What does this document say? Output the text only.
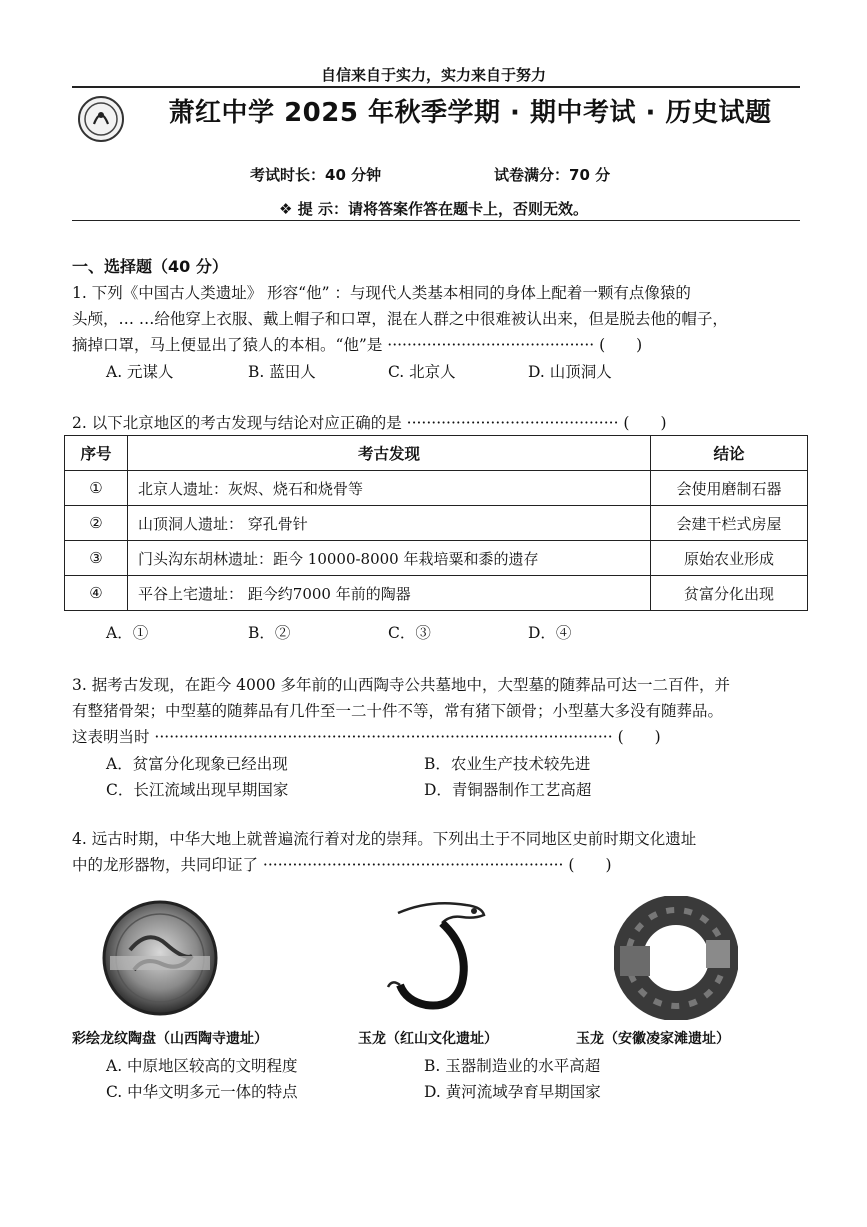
自信来自于实力，实力来自于努力
萧红中学 2025 年秋季学期 · 期中考试 · 历史试题
考试时长：40 分钟	试卷满分：70 分
❖ 提 示：请将答案作答在题卡上，否则无效。
一、选择题（40 分）
1. 下列《中国古人类遗址》 形容“他” ：与现代人类基本相同的身体上配着一颗有点像猿的
头颅，… …给他穿上衣服、戴上帽子和口罩，混在人群之中很难被认出来，但是脱去他的帽子，
摘掉口罩，马上便显出了猿人的本相。“他”是 ·········································· (　　)
A. 元谋人	B. 蓝田人	C. 北京人	D. 山顶洞人
2. 以下北京地区的考古发现与结论对应正确的是 ··········································· (　　)
序号	考古发现	结论
①	北京人遗址：灰烬、烧石和烧骨等	会使用磨制石器
②	山顶洞人遗址： 穿孔骨针	会建干栏式房屋
③	门头沟东胡林遗址：距今 10000-8000 年栽培粟和黍的遗存	原始农业形成
④	平谷上宅遗址： 距今约7000 年前的陶器	贫富分化出现
A．①	B．②	C．③	D．④
3. 据考古发现，在距今 4000 多年前的山西陶寺公共墓地中，大型墓的随葬品可达一二百件，并
有整猪骨架；中型墓的随葬品有几件至一二十件不等，常有猪下颌骨；小型墓大多没有随葬品。
这表明当时 ····························································································· (　　)
A．贫富分化现象已经出现	B．农业生产技术较先进
C．长江流域出现早期国家	D．青铜器制作工艺高超
4. 远古时期，中华大地上就普遍流行着对龙的崇拜。下列出土于不同地区史前时期文化遗址
中的龙形器物，共同印证了 ····························································· (　　)
彩绘龙纹陶盘（山西陶寺遗址）	玉龙（红山文化遗址）	玉龙（安徽凌家滩遗址）
A. 中原地区较高的文明程度	B. 玉器制造业的水平高超
C. 中华文明多元一体的特点	D. 黄河流域孕育早期国家
